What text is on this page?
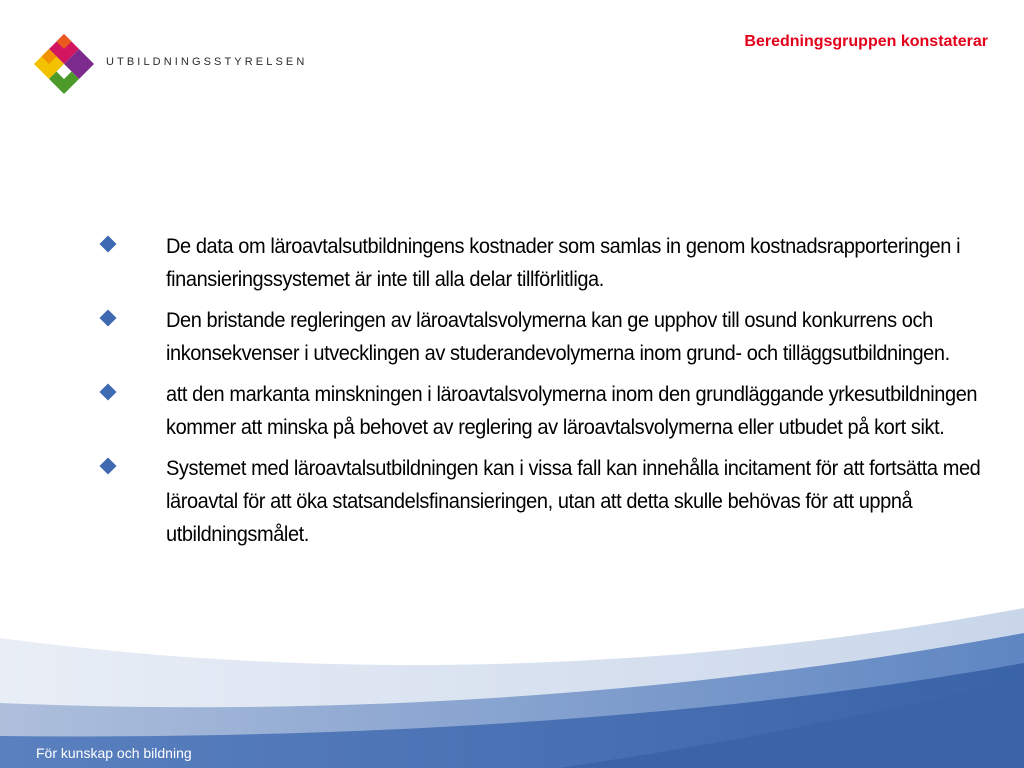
UTBILDNINGSSTYRELSEN
Beredningsgruppen konstaterar
De data om läroavtalsutbildningens kostnader som samlas in genom kostnadsrapporteringen i finansieringssystemet är inte till alla delar tillförlitliga.
Den bristande regleringen av läroavtalsvolymerna kan ge upphov till osund konkurrens och inkonsekvenser i utvecklingen av studerandevolymerna inom grund- och tilläggsutbildningen.
att den markanta minskningen i läroavtalsvolymerna inom den grundläggande yrkesutbildningen kommer att minska på behovet av reglering av läroavtalsvolymerna eller utbudet på kort sikt.
Systemet med läroavtalsutbildningen kan i vissa fall kan innehålla incitament för att fortsätta med läroavtal för att öka statsandelsfinansieringen, utan att detta skulle behövas för att uppnå utbildningsmålet.
För kunskap och bildning
